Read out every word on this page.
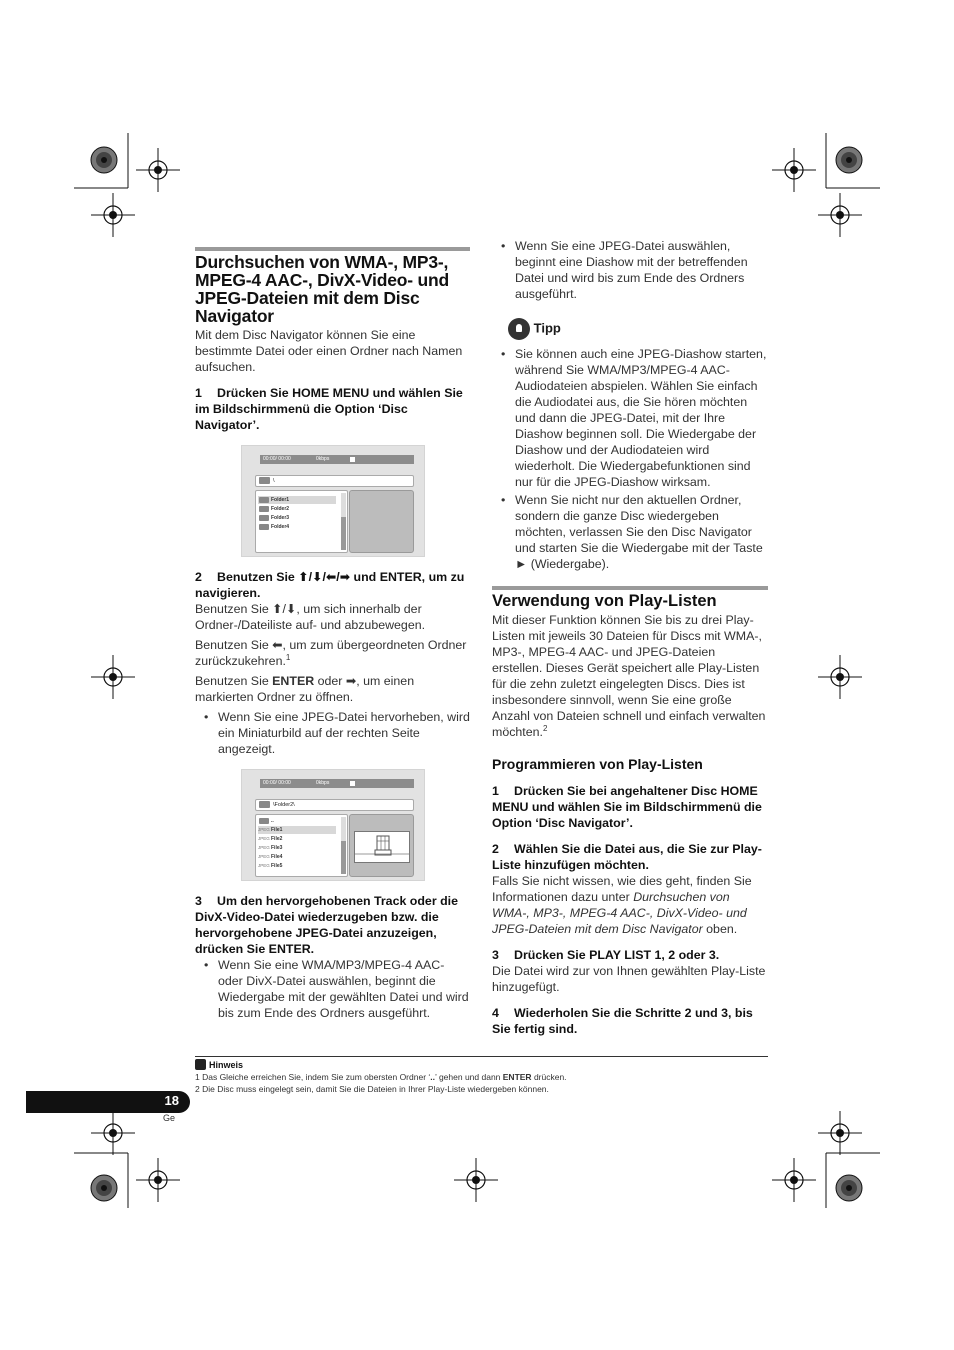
Durchsuchen von WMA-, MP3-, MPEG-4 AAC-, DivX-Video- und JPEG-Dateien mit dem Disc Navigator

Mit dem Disc Navigator können Sie eine bestimmte Datei oder einen Ordner nach Namen aufsuchen.

1 Drücken Sie HOME MENU und wählen Sie im Bildschirmmenü die Option ‘Disc Navigator’.
00:00/ 00:00	0kbps
\
Folder1
Folder2
Folder3
Folder4
2 Benutzen Sie ⬆/⬇/⬅/➡ und ENTER, um zu navigieren.

Benutzen Sie ⬆/⬇, um sich innerhalb der Ordner-/Dateiliste auf- und abzubewegen.

Benutzen Sie ⬅, um zum übergeordneten Ordner zurückzukehren.$^1$

Benutzen Sie ENTER oder ➡, um einen markierten Ordner zu öffnen.

• Wenn Sie eine JPEG-Datei hervorheben, wird ein Miniaturbild auf der rechten Seite angezeigt.
00:00/ 00:00	0kbps
\Folder2\
..
JPEG File1
JPEG File2
JPEG File3
JPEG File4
JPEG File5
3 Um den hervorgehobenen Track oder die DivX-Video-Datei wiederzugeben bzw. die hervorgehobene JPEG-Datei anzuzeigen, drücken Sie ENTER.
• Wenn Sie eine WMA/MP3/MPEG-4 AAC- oder DivX-Datei auswählen, beginnt die Wiedergabe mit der gewählten Datei und wird bis zum Ende des Ordners ausgeführt.
• Wenn Sie eine JPEG-Datei auswählen, beginnt eine Diashow mit der betreffenden Datei und wird bis zum Ende des Ordners ausgeführt.
Tipp
• Sie können auch eine JPEG-Diashow starten, während Sie WMA/MP3/MPEG-4 AAC-Audiodateien abspielen. Wählen Sie einfach die Audiodatei aus, die Sie hören möchten und dann die JPEG-Datei, mit der Ihre Diashow beginnen soll. Die Wiedergabe der Diashow und der Audiodateien wird wiederholt. Die Wiedergabefunktionen sind nur für die JPEG-Diashow wirksam.
• Wenn Sie nicht nur den aktuellen Ordner, sondern die ganze Disc wiedergeben möchten, verlassen Sie den Disc Navigator und starten Sie die Wiedergabe mit der Taste ► (Wiedergabe).
Verwendung von Play-Listen

Mit dieser Funktion können Sie bis zu drei Play-Listen mit jeweils 30 Dateien für Discs mit WMA-, MP3-, MPEG-4 AAC- und JPEG-Dateien erstellen. Dieses Gerät speichert alle Play-Listen für die zehn zuletzt eingelegten Discs. Dies ist insbesondere sinnvoll, wenn Sie eine große Anzahl von Dateien schnell und einfach verwalten möchten.$^2$

Programmieren von Play-Listen
1 Drücken Sie bei angehaltener Disc HOME MENU und wählen Sie im Bildschirmmenü die Option ‘Disc Navigator’.
2 Wählen Sie die Datei aus, die Sie zur Play-Liste hinzufügen möchten.

Falls Sie nicht wissen, wie dies geht, finden Sie Informationen dazu unter Durchsuchen von WMA-, MP3-, MPEG-4 AAC-, DivX-Video- und JPEG-Dateien mit dem Disc Navigator oben.

3 Drücken Sie PLAY LIST 1, 2 oder 3.

Die Datei wird zur von Ihnen gewählten Play-Liste hinzugefügt.

4 Wiederholen Sie die Schritte 2 und 3, bis Sie fertig sind.
Hinweis
1 Das Gleiche erreichen Sie, indem Sie zum obersten Ordner ‘..’ gehen und dann ENTER drücken.
2 Die Disc muss eingelegt sein, damit Sie die Dateien in Ihrer Play-Liste wiedergeben können.
18
Ge
